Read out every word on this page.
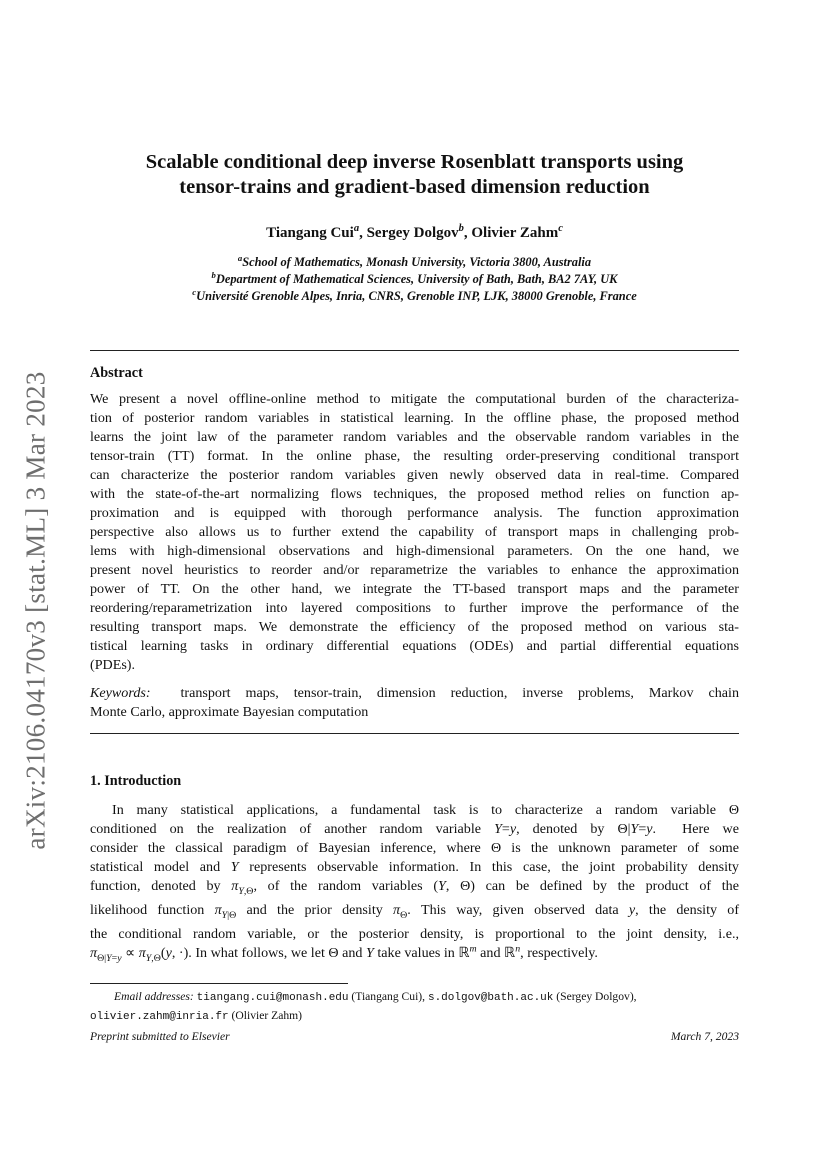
arXiv:2106.04170v3 [stat.ML] 3 Mar 2023
Scalable conditional deep inverse Rosenblatt transports using
tensor-trains and gradient-based dimension reduction
Tiangang Cui$^a$, Sergey Dolgov$^b$, Olivier Zahm$^c$
$^a$School of Mathematics, Monash University, Victoria 3800, Australia
$^b$Department of Mathematical Sciences, University of Bath, Bath, BA2 7AY, UK
$^c$Université Grenoble Alpes, Inria, CNRS, Grenoble INP, LJK, 38000 Grenoble, France
Abstract
We present a novel offline-online method to mitigate the computational burden of the characteriza-
tion of posterior random variables in statistical learning. In the offline phase, the proposed method
learns the joint law of the parameter random variables and the observable random variables in the
tensor-train (TT) format. In the online phase, the resulting order-preserving conditional transport
can characterize the posterior random variables given newly observed data in real-time. Compared
with the state-of-the-art normalizing flows techniques, the proposed method relies on function ap-
proximation and is equipped with thorough performance analysis. The function approximation
perspective also allows us to further extend the capability of transport maps in challenging prob-
lems with high-dimensional observations and high-dimensional parameters. On the one hand, we
present novel heuristics to reorder and/or reparametrize the variables to enhance the approximation
power of TT. On the other hand, we integrate the TT-based transport maps and the parameter
reordering/reparametrization into layered compositions to further improve the performance of the
resulting transport maps. We demonstrate the efficiency of the proposed method on various sta-
tistical learning tasks in ordinary differential equations (ODEs) and partial differential equations
(PDEs).
Keywords: transport maps, tensor-train, dimension reduction, inverse problems, Markov chain
Monte Carlo, approximate Bayesian computation
1. Introduction
In many statistical applications, a fundamental task is to characterize a random variable Θ
conditioned on the realization of another random variable Y=y, denoted by Θ|Y=y.  Here we
consider the classical paradigm of Bayesian inference, where Θ is the unknown parameter of some
statistical model and Y represents observable information. In this case, the joint probability density
function, denoted by $\pi_{Y,\Theta}$, of the random variables (Y, Θ) can be defined by the product of the
likelihood function $\pi_{Y|\Theta}$ and the prior density $\pi_\Theta$. This way, given observed data y, the density of
the conditional random variable, or the posterior density, is proportional to the joint density, i.e.,
$\pi_{\Theta|Y=y} \propto \pi_{Y,\Theta}(y$, ·). In what follows, we let Θ and Y take values in ℝ$^m$ and ℝ$^n$, respectively.
Email addresses: tiangang.cui@monash.edu (Tiangang Cui), s.dolgov@bath.ac.uk (Sergey Dolgov),
olivier.zahm@inria.fr (Olivier Zahm)
Preprint submitted to Elsevier	March 7, 2023
